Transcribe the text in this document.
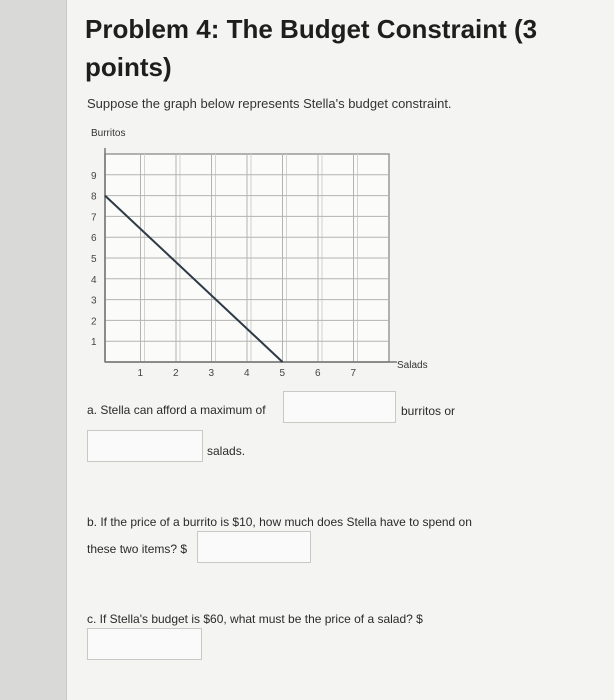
Problem 4: The Budget Constraint (3 points)
Suppose the graph below represents Stella's budget constraint.
Burritos
Salads
1
2
3
4
5
6
7
8
9
1	2	3	4	5	6	7
a. Stella can afford a maximum of	burritos or
salads.
b. If the price of a burrito is $10, how much does Stella have to spend on
these two items? $
c. If Stella's budget is $60, what must be the price of a salad? $
